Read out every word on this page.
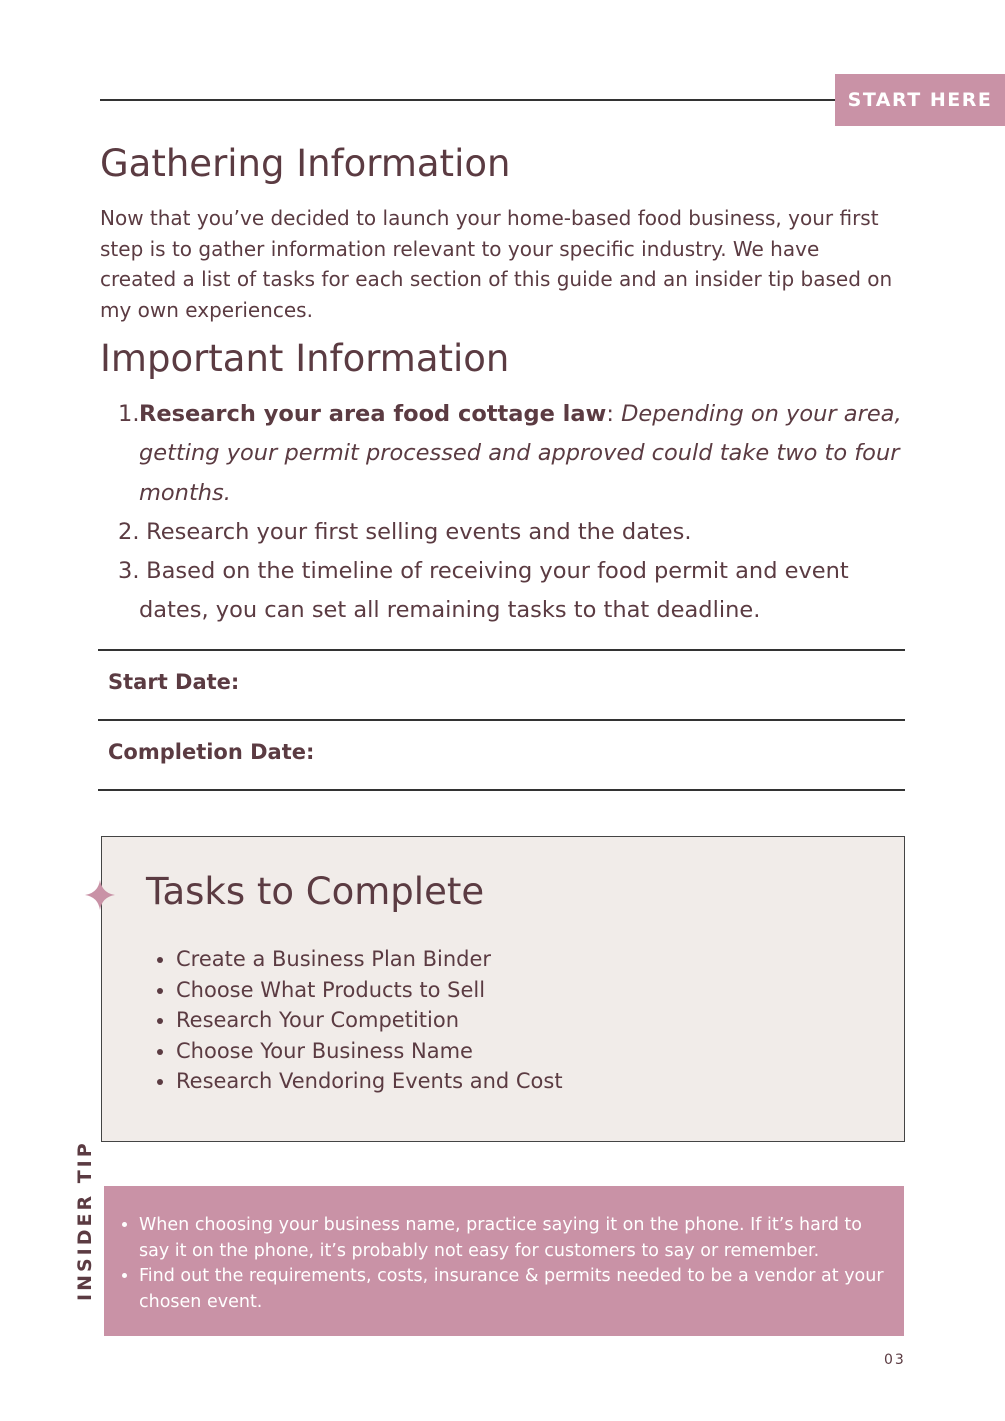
START HERE
Gathering Information

Now that you’ve decided to launch your home-based food business, your first step is to gather information relevant to your specific industry. We have created a list of tasks for each section of this guide and an insider tip based on my own experiences.

Important Information
1. Research your area food cottage law: Depending on your area, getting your permit processed and approved could take two to four months.
2. Research your first selling events and the dates.
3. Based on the timeline of receiving your food permit and event dates, you can set all remaining tasks to that deadline.
Start Date:
Completion Date:
Tasks to Complete
• Create a Business Plan Binder
• Choose What Products to Sell
• Research Your Competition
• Choose Your Business Name
• Research Vendoring Events and Cost
INSIDER TIP • When choosing your business name, practice saying it on the phone. If it’s hard to say it on the phone, it’s probably not easy for customers to say or remember.
• Find out the requirements, costs, insurance & permits needed to be a vendor at your chosen event.
03
